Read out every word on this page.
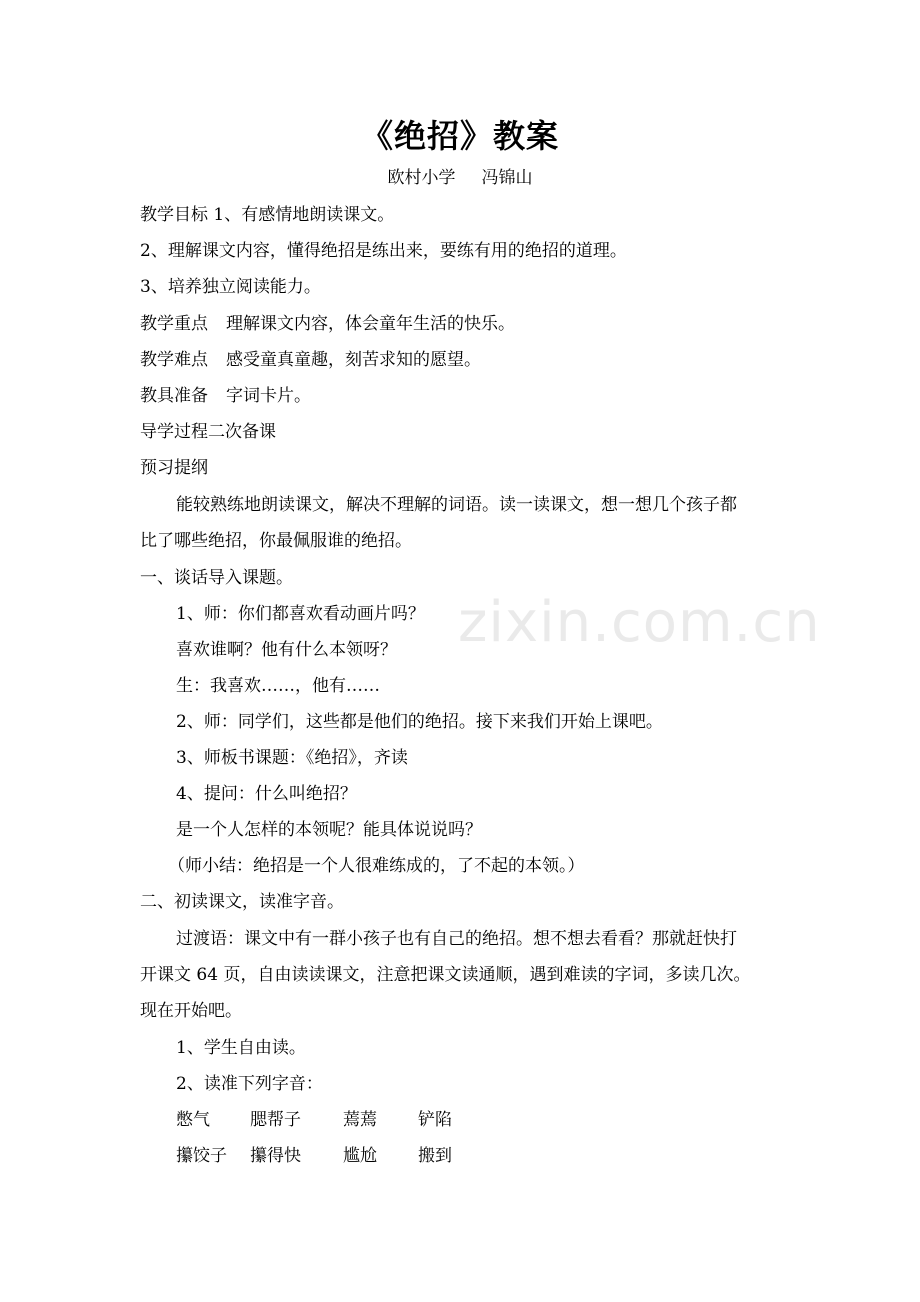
zixin.com.cn
《绝招》教案
欧村小学 冯锦山
教学目标 1、有感情地朗读课文。
2、理解课文内容，懂得绝招是练出来，要练有用的绝招的道理。
3、培养独立阅读能力。
教学重点 理解课文内容，体会童年生活的快乐。
教学难点 感受童真童趣，刻苦求知的愿望。
教具准备 字词卡片。
导学过程二次备课
预习提纲
能较熟练地朗读课文，解决不理解的词语。读一读课文，想一想几个孩子都
比了哪些绝招，你最佩服谁的绝招。
一、谈话导入课题。
1、师：你们都喜欢看动画片吗？
喜欢谁啊？他有什么本领呀？
生：我喜欢……，他有……
2、师：同学们，这些都是他们的绝招。接下来我们开始上课吧。
3、师板书课题：《绝招》，齐读
4、提问：什么叫绝招？
是一个人怎样的本领呢？能具体说说吗？
（师小结：绝招是一个人很难练成的，了不起的本领。）
二、初读课文，读准字音。
过渡语：课文中有一群小孩子也有自己的绝招。想不想去看看？那就赶快打
开课文 64 页，自由读读课文，注意把课文读通顺，遇到难读的字词，多读几次。
现在开始吧。
1、学生自由读。
2、读准下列字音：
憋气 腮帮子 蔫蔫 铲陷
攥饺子 攥得快 尴尬 搬到
